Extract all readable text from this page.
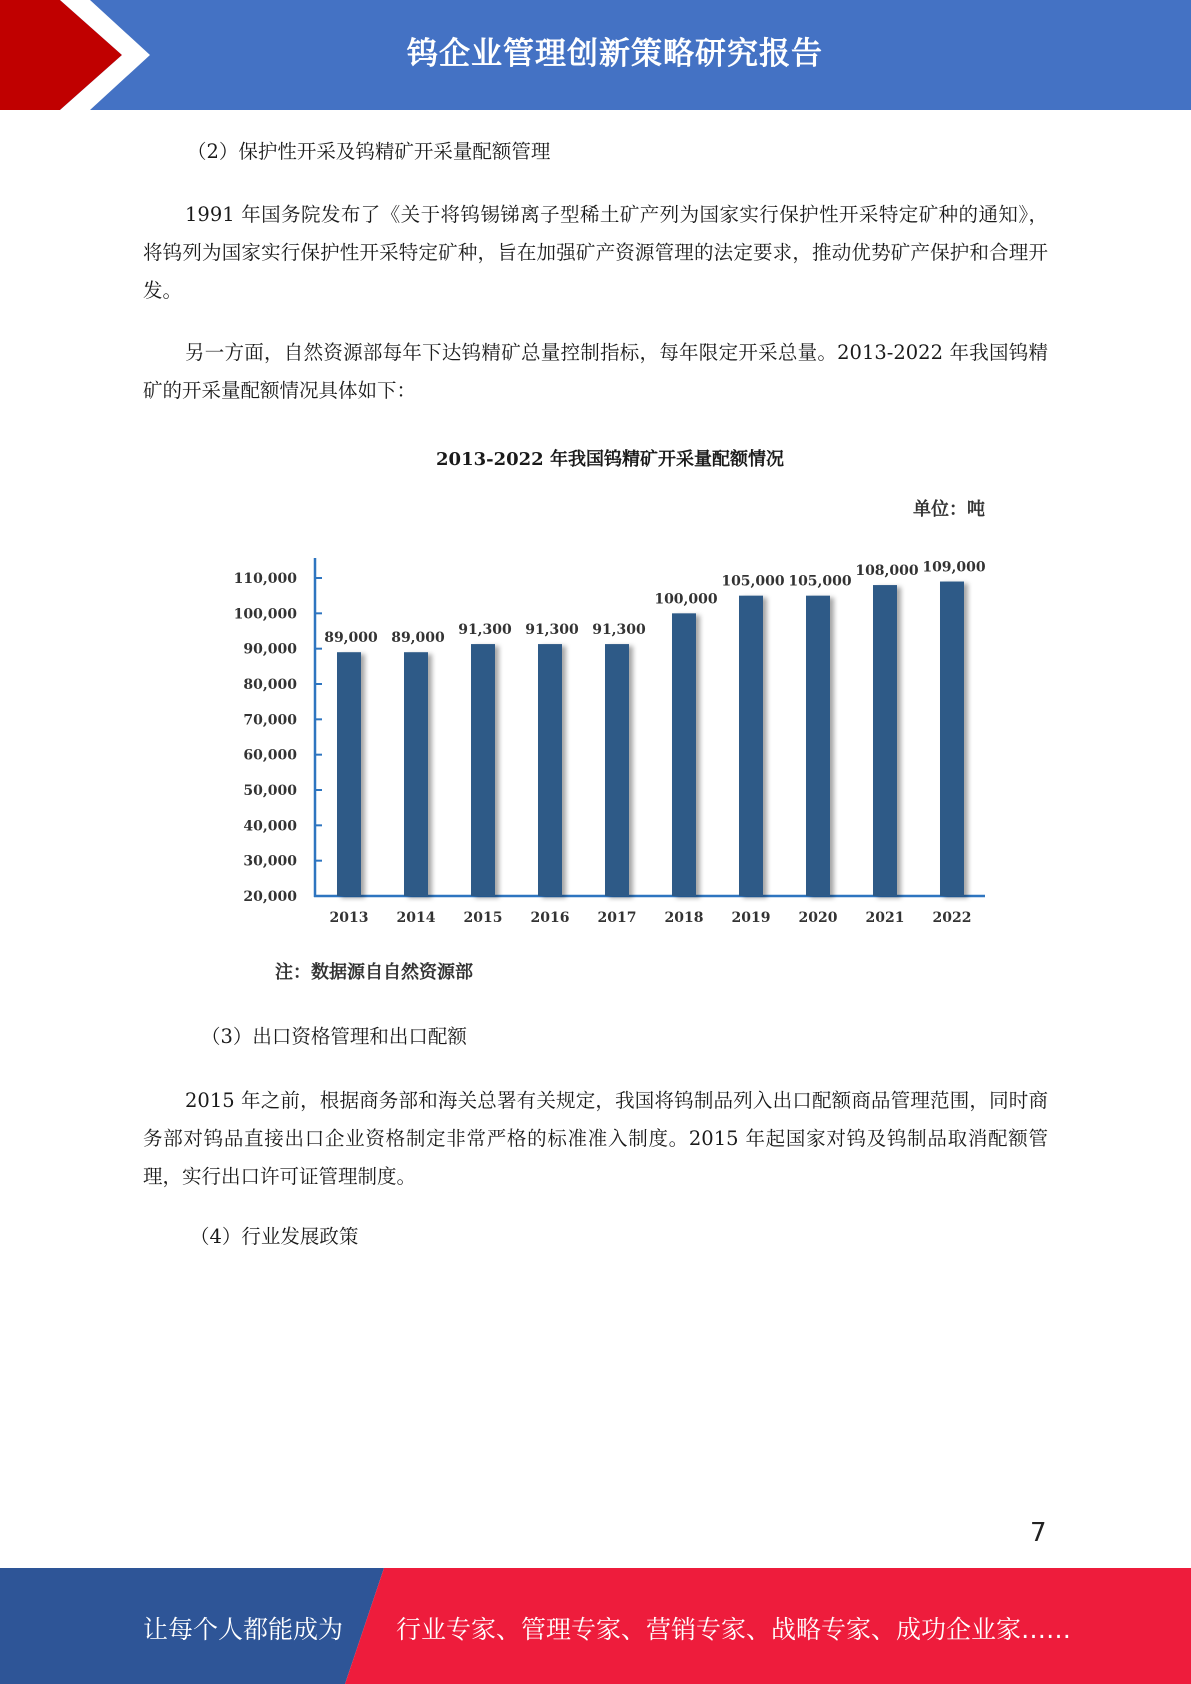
钨企业管理创新策略研究报告
（2）保护性开采及钨精矿开采量配额管理
1991 年国务院发布了《关于将钨锡锑离子型稀土矿产列为国家实行保护性开采特定矿种的通知》，将钨列为国家实行保护性开采特定矿种，旨在加强矿产资源管理的法定要求，推动优势矿产保护和合理开发。
另一方面，自然资源部每年下达钨精矿总量控制指标，每年限定开采总量。2013-2022 年我国钨精矿的开采量配额情况具体如下：
2013-2022 年我国钨精矿开采量配额情况
单位：吨
20,000
30,000
40,000
50,000
60,000
70,000
80,000
90,000
100,000
110,000
89,000
2013
89,000
2014
91,300
2015
91,300
2016
91,300
2017
100,000
2018
105,000
2019
105,000
2020
108,000
2021
109,000
2022
注：数据源自自然资源部
（3）出口资格管理和出口配额
2015 年之前，根据商务部和海关总署有关规定，我国将钨制品列入出口配额商品管理范围，同时商务部对钨品直接出口企业资格制定非常严格的标准准入制度。2015 年起国家对钨及钨制品取消配额管理，实行出口许可证管理制度。
（4）行业发展政策
7
让每个人都能成为 行业专家、管理专家、营销专家、战略专家、成功企业家……
